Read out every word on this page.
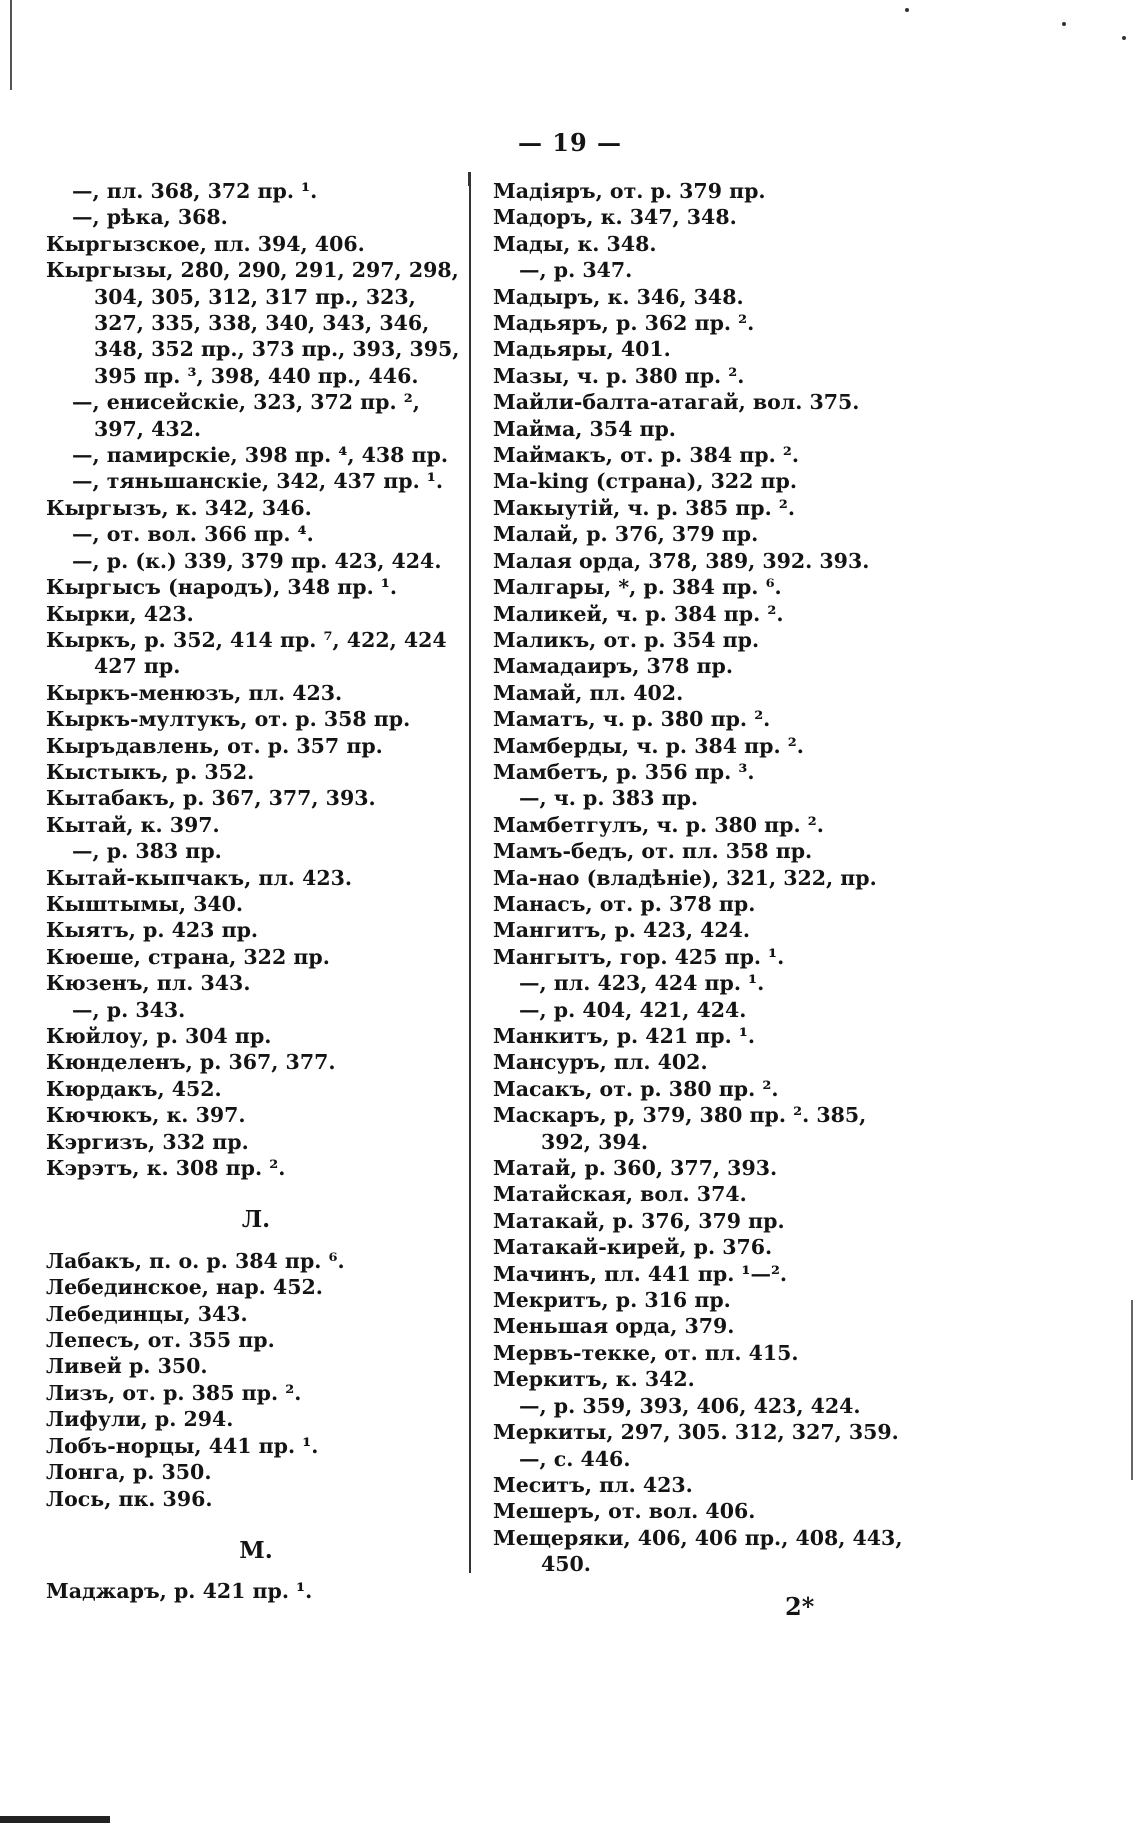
— 19 —
—, пл. 368, 372 пр. ¹.
—, рѣка, 368.
Кыргызское, пл. 394, 406.
Кыргызы, 280, 290, 291, 297, 298, 304, 305, 312, 317 пр., 323, 327, 335, 338, 340, 343, 346, 348, 352 пр., 373 пр., 393, 395, 395 пр. ³, 398, 440 пр., 446.
—, енисейскіе, 323, 372 пр. ², 397, 432.
—, памирскіе, 398 пр. ⁴, 438 пр.
—, тяньшанскіе, 342, 437 пр. ¹.
Кыргызъ, к. 342, 346.
—, от. вол. 366 пр. ⁴.
—, р. (к.) 339, 379 пр. 423, 424.
Кыргысъ (народъ), 348 пр. ¹.
Кырки, 423.
Кыркъ, р. 352, 414 пр. ⁷, 422, 424 427 пр.
Кыркъ-менюзъ, пл. 423.
Кыркъ-мултукъ, от. р. 358 пр.
Кыръдавлень, от. р. 357 пр.
Кыстыкъ, р. 352.
Кытабакъ, р. 367, 377, 393.
Кытай, к. 397.
—, р. 383 пр.
Кытай-кыпчакъ, пл. 423.
Кыштымы, 340.
Кыятъ, р. 423 пр.
Кюеше, страна, 322 пр.
Кюзенъ, пл. 343.
—, р. 343.
Кюйлоу, р. 304 пр.
Кюнделенъ, р. 367, 377.
Кюрдакъ, 452.
Кючюкъ, к. 397.
Кэргизъ, 332 пр.
Кэрэтъ, к. 308 пр. ².
Л.
Лабакъ, п. о. р. 384 пр. ⁶.
Лебединское, нар. 452.
Лебединцы, 343.
Лепесъ, от. 355 пр.
Ливей р. 350.
Лизъ, от. р. 385 пр. ².
Лифули, р. 294.
Лобъ-норцы, 441 пр. ¹.
Лонга, р. 350.
Лось, пк. 396.
М.
Маджаръ, р. 421 пр. ¹.
Мадіяръ, от. р. 379 пр.
Мадоръ, к. 347, 348.
Мады, к. 348.
—, р. 347.
Мадыръ, к. 346, 348.
Мадьяръ, р. 362 пр. ².
Мадьяры, 401.
Мазы, ч. р. 380 пр. ².
Майли-балта-атагай, вол. 375.
Майма, 354 пр.
Маймакъ, от. р. 384 пр. ².
Ma-king (страна), 322 пр.
Макыутій, ч. р. 385 пр. ².
Малай, р. 376, 379 пр.
Малая орда, 378, 389, 392. 393.
Малгары, *, р. 384 пр. ⁶.
Маликей, ч. р. 384 пр. ².
Маликъ, от. р. 354 пр.
Мамадаиръ, 378 пр.
Мамай, пл. 402.
Маматъ, ч. р. 380 пр. ².
Мамберды, ч. р. 384 пр. ².
Мамбетъ, р. 356 пр. ³.
—, ч. р. 383 пр.
Мамбетгулъ, ч. р. 380 пр. ².
Мамъ-бедъ, от. пл. 358 пр.
Ма-нао (владѣніе), 321, 322, пр.
Манасъ, от. р. 378 пр.
Мангитъ, р. 423, 424.
Мангытъ, гор. 425 пр. ¹.
—, пл. 423, 424 пр. ¹.
—, р. 404, 421, 424.
Манкитъ, р. 421 пр. ¹.
Мансуръ, пл. 402.
Масакъ, от. р. 380 пр. ².
Маскаръ, р, 379, 380 пр. ². 385, 392, 394.
Матай, р. 360, 377, 393.
Матайская, вол. 374.
Матакай, р. 376, 379 пр.
Матакай-кирей, р. 376.
Мачинъ, пл. 441 пр. ¹—².
Мекритъ, р. 316 пр.
Меньшая орда, 379.
Мервъ-текке, от. пл. 415.
Меркитъ, к. 342.
—, р. 359, 393, 406, 423, 424.
Меркиты, 297, 305. 312, 327, 359.
—, с. 446.
Меситъ, пл. 423.
Мешеръ, от. вол. 406.
Мещеряки, 406, 406 пр., 408, 443, 450.
2*
